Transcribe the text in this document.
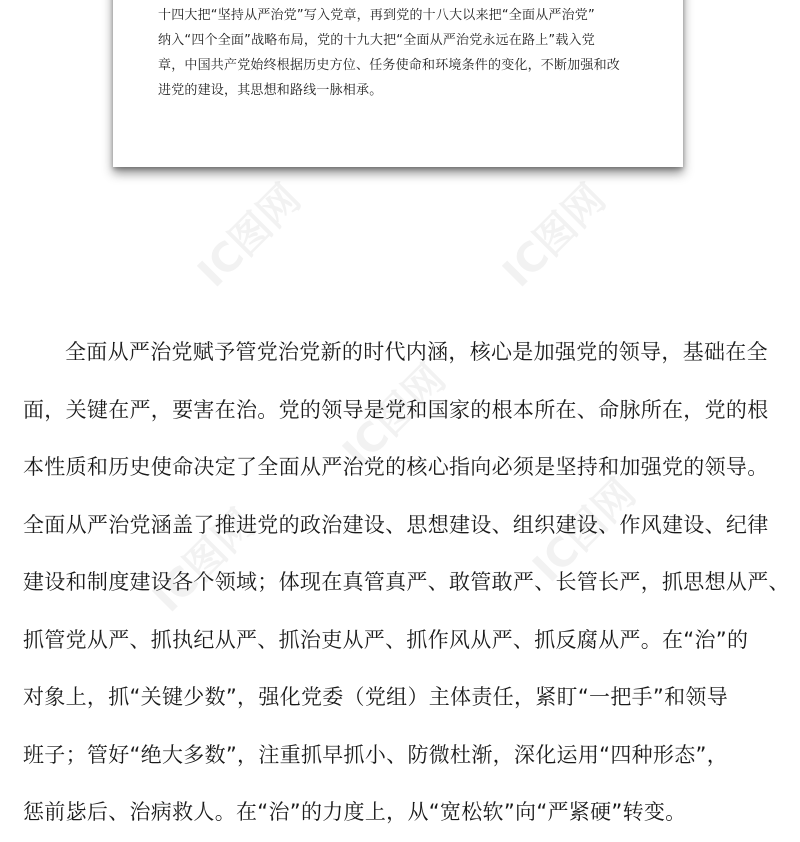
IC图网	IC图网
IC图网
IC图网	IC图网
十四大把“坚持从严治党”写入党章，再到党的十八大以来把“全面从严治党”
纳入“四个全面”战略布局，党的十九大把“全面从严治党永远在路上”载入党
章，中国共产党始终根据历史方位、任务使命和环境条件的变化，不断加强和改
进党的建设，其思想和路线一脉相承。
全面从严治党赋予管党治党新的时代内涵，核心是加强党的领导，基础在全
面，关键在严，要害在治。党的领导是党和国家的根本所在、命脉所在，党的根
本性质和历史使命决定了全面从严治党的核心指向必须是坚持和加强党的领导。
全面从严治党涵盖了推进党的政治建设、思想建设、组织建设、作风建设、纪律
建设和制度建设各个领域；体现在真管真严、敢管敢严、长管长严，抓思想从严、
抓管党从严、抓执纪从严、抓治吏从严、抓作风从严、抓反腐从严。在“治”的
对象上，抓“关键少数”，强化党委（党组）主体责任，紧盯“一把手”和领导
班子；管好“绝大多数”，注重抓早抓小、防微杜渐，深化运用“四种形态”，
惩前毖后、治病救人。在“治”的力度上，从“宽松软”向“严紧硬”转变。
